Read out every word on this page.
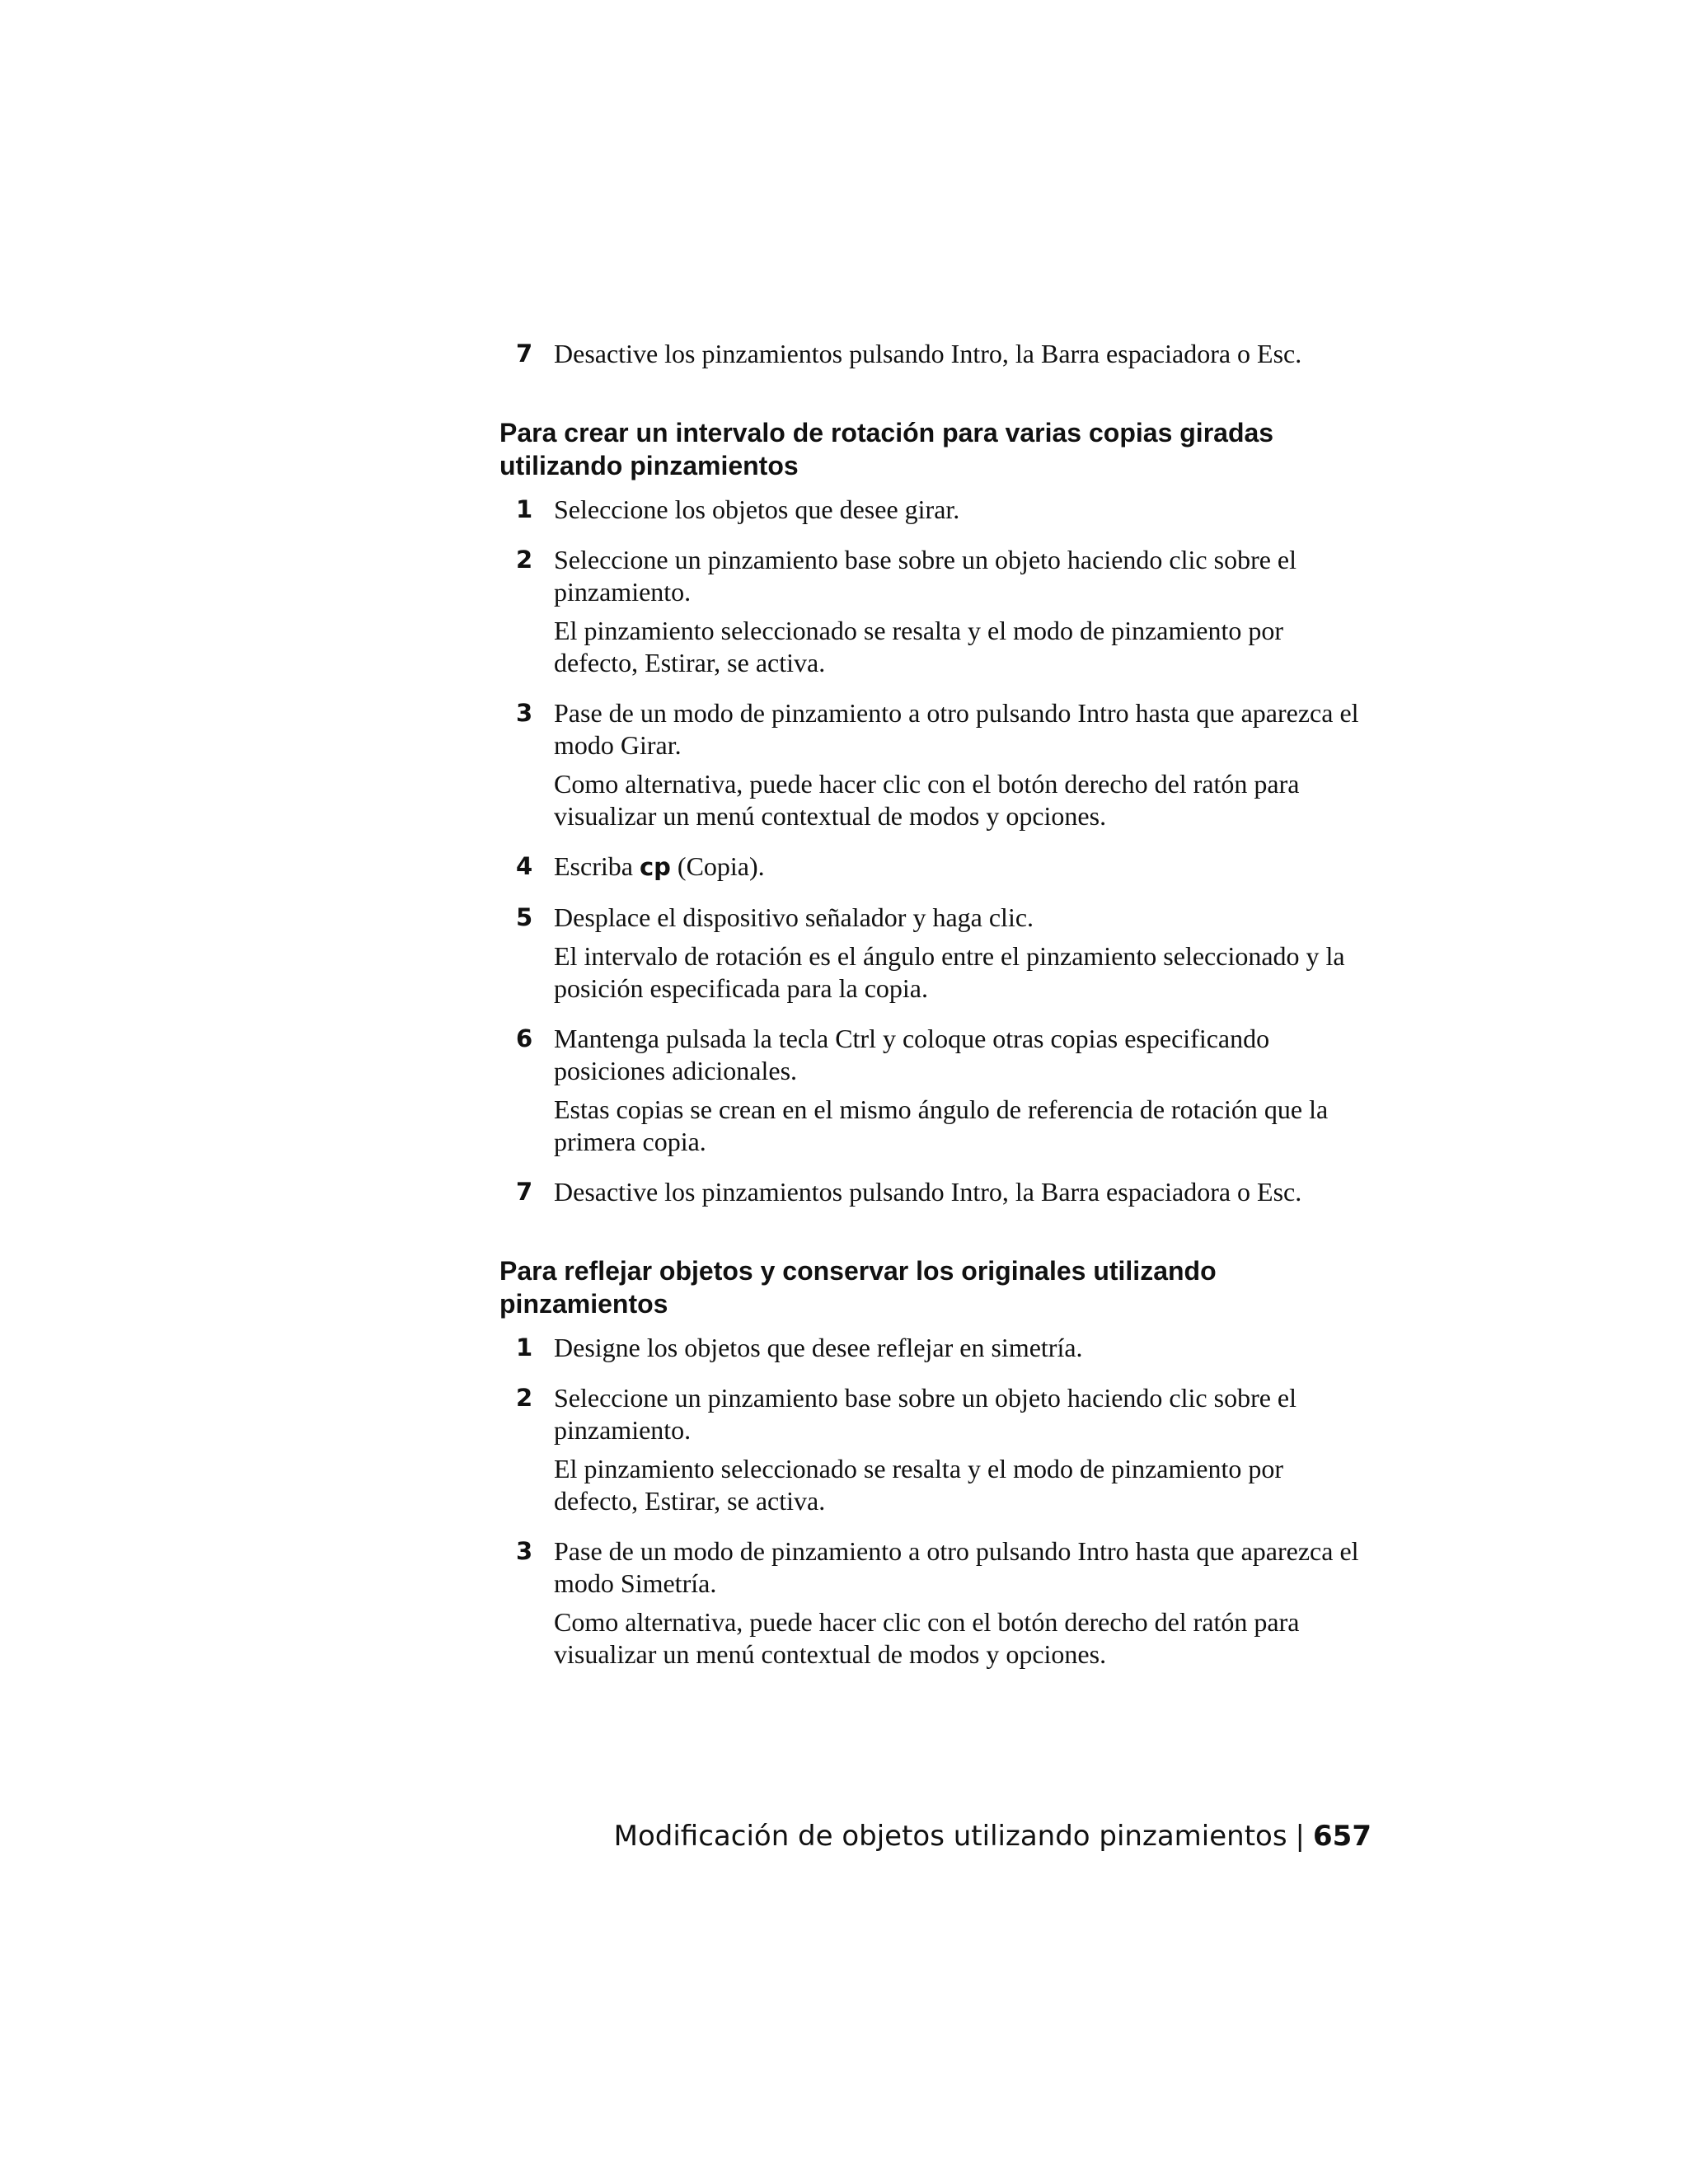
7 Desactive los pinzamientos pulsando Intro, la Barra espaciadora o Esc.

Para crear un intervalo de rotación para varias copias giradas utilizando pinzamientos
1 Seleccione los objetos que desee girar.

2 Seleccione un pinzamiento base sobre un objeto haciendo clic sobre el pinzamiento.

El pinzamiento seleccionado se resalta y el modo de pinzamiento por defecto, Estirar, se activa.

3 Pase de un modo de pinzamiento a otro pulsando Intro hasta que aparezca el modo Girar.

Como alternativa, puede hacer clic con el botón derecho del ratón para visualizar un menú contextual de modos y opciones.

4 Escriba cp (Copia).

5 Desplace el dispositivo señalador y haga clic.

El intervalo de rotación es el ángulo entre el pinzamiento seleccionado y la posición especificada para la copia.

6 Mantenga pulsada la tecla Ctrl y coloque otras copias especificando posiciones adicionales.

Estas copias se crean en el mismo ángulo de referencia de rotación que la primera copia.

7 Desactive los pinzamientos pulsando Intro, la Barra espaciadora o Esc.

Para reflejar objetos y conservar los originales utilizando pinzamientos
1 Designe los objetos que desee reflejar en simetría.

2 Seleccione un pinzamiento base sobre un objeto haciendo clic sobre el pinzamiento.

El pinzamiento seleccionado se resalta y el modo de pinzamiento por defecto, Estirar, se activa.

3 Pase de un modo de pinzamiento a otro pulsando Intro hasta que aparezca el modo Simetría.

Como alternativa, puede hacer clic con el botón derecho del ratón para visualizar un menú contextual de modos y opciones.

Modificación de objetos utilizando pinzamientos | 657
